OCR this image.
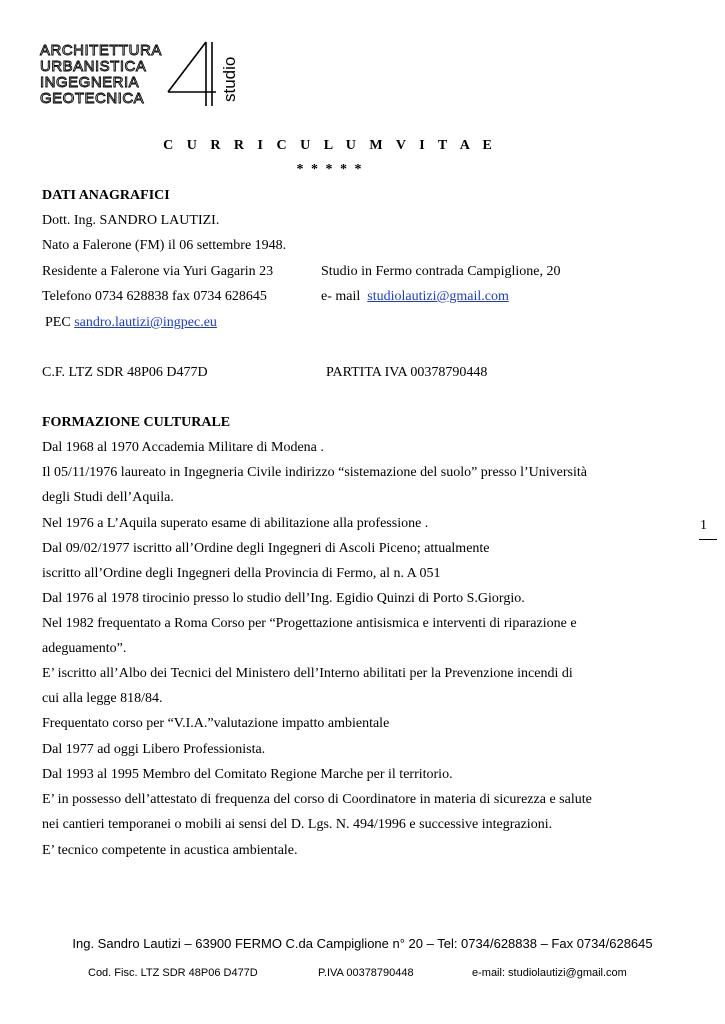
ARCHITETTURA
URBANISTICA
INGEGNERIA
GEOTECNICA	studio
C U R R I C U L U M V I T A E
* * * * *
DATI ANAGRAFICI
Dott. Ing. SANDRO LAUTIZI.
Nato a Falerone (FM) il 06 settembre 1948.
Residente a Falerone via Yuri Gagarin 23	Studio in Fermo contrada Campiglione, 20
Telefono 0734 628838 fax 0734 628645	e- mail  studiolautizi@gmail.com
PEC sandro.lautizi@ingpec.eu
C.F. LTZ SDR 48P06 D477D	PARTITA IVA 00378790448
FORMAZIONE CULTURALE
Dal 1968 al 1970 Accademia Militare di Modena .
Il 05/11/1976 laureato in Ingegneria Civile indirizzo “sistemazione del suolo” presso l’Università
degli Studi dell’Aquila.
Nel 1976 a L’Aquila superato esame di abilitazione alla professione .
Dal 09/02/1977 iscritto all’Ordine degli Ingegneri di Ascoli Piceno; attualmente
iscritto all’Ordine degli Ingegneri della Provincia di Fermo, al n. A 051
Dal 1976 al 1978 tirocinio presso lo studio dell’Ing. Egidio Quinzi di Porto S.Giorgio.
Nel 1982 frequentato a Roma Corso per “Progettazione antisismica e interventi di riparazione e
adeguamento”.
E’ iscritto all’Albo dei Tecnici del Ministero dell’Interno abilitati per la Prevenzione incendi di
cui alla legge 818/84.
Frequentato corso per “V.I.A.”valutazione impatto ambientale
Dal 1977 ad oggi Libero Professionista.
Dal 1993 al 1995 Membro del Comitato Regione Marche per il territorio.
E’ in possesso dell’attestato di frequenza del corso di Coordinatore in materia di sicurezza e salute
nei cantieri temporanei o mobili ai sensi del D. Lgs. N. 494/1996 e successive integrazioni.
E’ tecnico competente in acustica ambientale.
1
Ing. Sandro Lautizi – 63900 FERMO C.da Campiglione n° 20 – Tel: 0734/628838 – Fax 0734/628645
Cod. Fisc. LTZ SDR 48P06 D477D	P.IVA 00378790448	e-mail: studiolautizi@gmail.com
